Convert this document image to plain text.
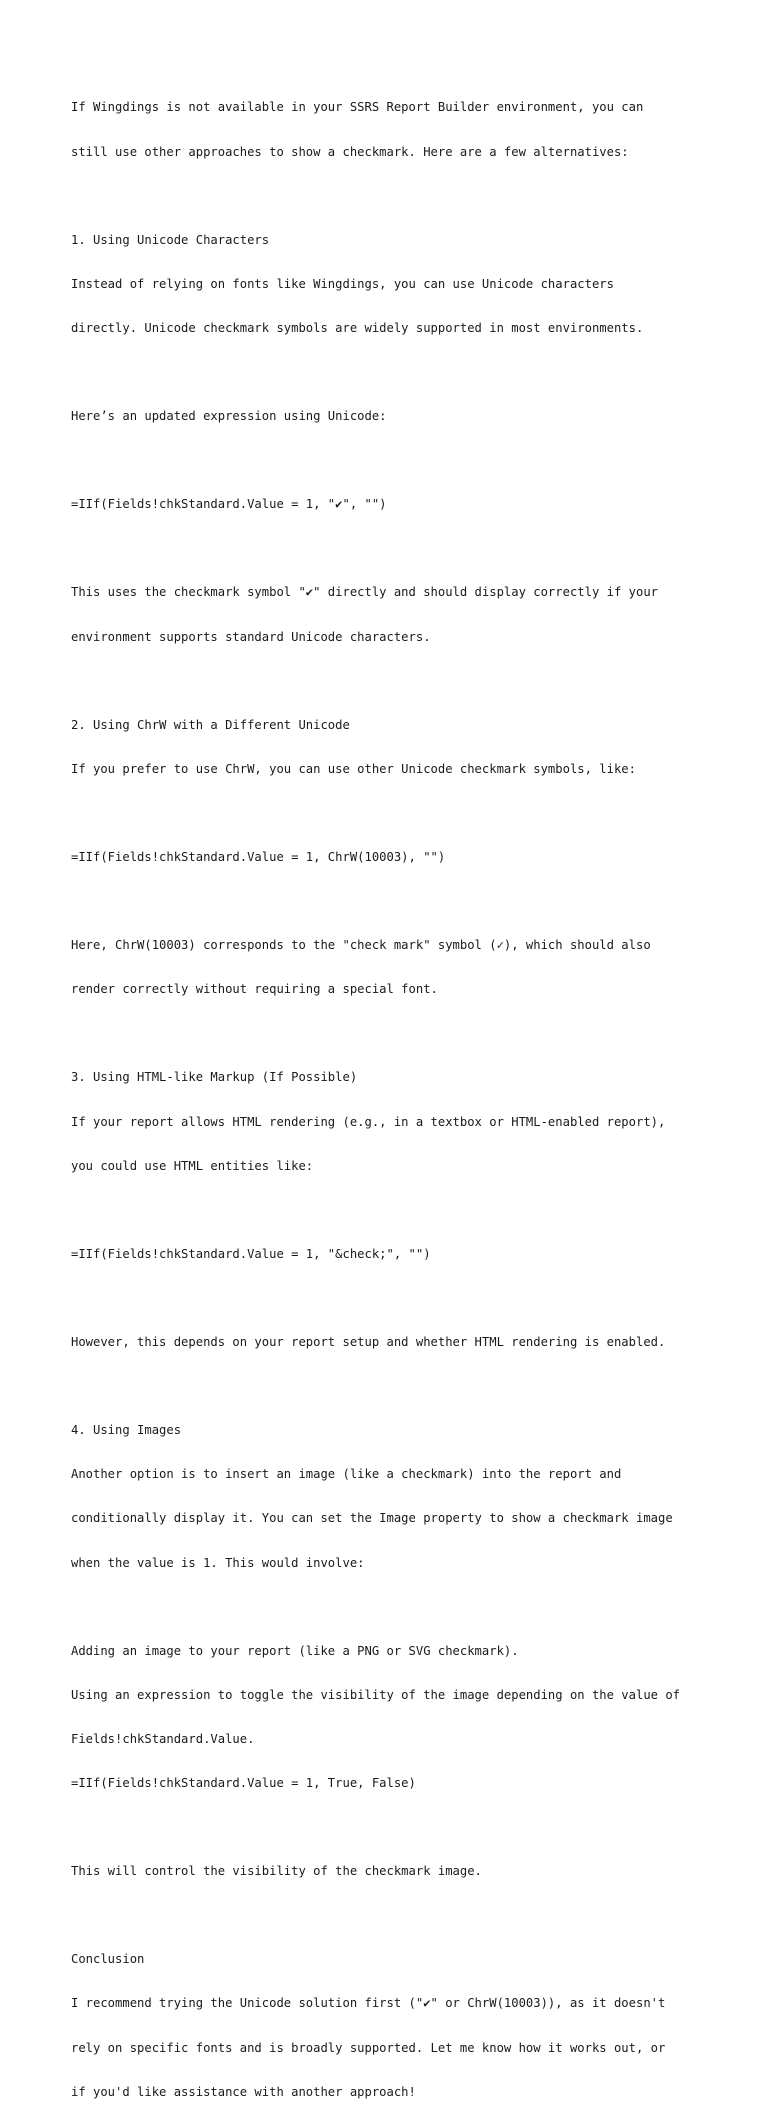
If Wingdings is not available in your SSRS Report Builder environment, you can

still use other approaches to show a checkmark. Here are a few alternatives:

1. Using Unicode Characters

Instead of relying on fonts like Wingdings, you can use Unicode characters

directly. Unicode checkmark symbols are widely supported in most environments.

Here’s an updated expression using Unicode:

=IIf(Fields!chkStandard.Value = 1, "✔", "")

This uses the checkmark symbol "✔" directly and should display correctly if your

environment supports standard Unicode characters.

2. Using ChrW with a Different Unicode

If you prefer to use ChrW, you can use other Unicode checkmark symbols, like:

=IIf(Fields!chkStandard.Value = 1, ChrW(10003), "")

Here, ChrW(10003) corresponds to the "check mark" symbol (✓), which should also

render correctly without requiring a special font.

3. Using HTML-like Markup (If Possible)

If your report allows HTML rendering (e.g., in a textbox or HTML-enabled report),

you could use HTML entities like:

=IIf(Fields!chkStandard.Value = 1, "&check;", "")

However, this depends on your report setup and whether HTML rendering is enabled.

4. Using Images

Another option is to insert an image (like a checkmark) into the report and

conditionally display it. You can set the Image property to show a checkmark image

when the value is 1. This would involve:

Adding an image to your report (like a PNG or SVG checkmark).

Using an expression to toggle the visibility of the image depending on the value of

Fields!chkStandard.Value.

=IIf(Fields!chkStandard.Value = 1, True, False)

This will control the visibility of the checkmark image.

Conclusion

I recommend trying the Unicode solution first ("✔" or ChrW(10003)), as it doesn't

rely on specific fonts and is broadly supported. Let me know how it works out, or

if you'd like assistance with another approach!
